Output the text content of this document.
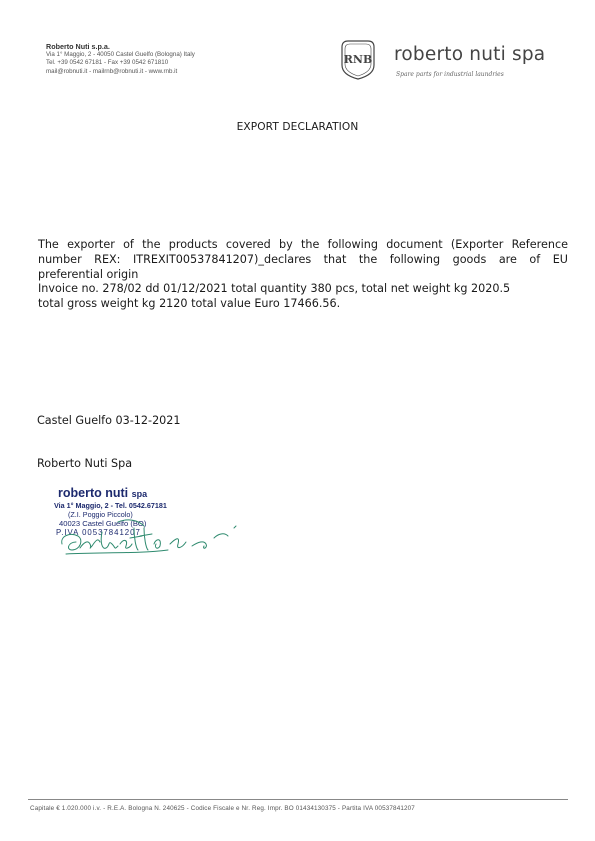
Roberto Nuti s.p.a.
Via 1° Maggio, 2 - 40050 Castel Guelfo (Bologna) Italy
Tel. +39 0542 67181 - Fax +39 0542 671810
mail@robnuti.it - mailrnb@robnuti.it - www.rnb.it
RNB roberto nuti spa
Spare parts for industrial laundries
EXPORT DECLARATION
The exporter of the products covered by the following document (Exporter Reference
number REX: ITREXIT00537841207)_declares that the following goods are of EU
preferential origin
Invoice no. 278/02 dd 01/12/2021 total quantity 380 pcs, total net weight kg 2020.5
total gross weight kg 2120 total value Euro 17466.56.
Castel Guelfo 03-12-2021
Roberto Nuti Spa
roberto nuti spa
Via 1° Maggio, 2 - Tel. 0542.67181
(Z.I. Poggio Piccolo)
40023 Castel Guelfo (BO)
P.IVA 00537841207
Capitale € 1.020.000 i.v. - R.E.A. Bologna N. 240625 - Codice Fiscale e Nr. Reg. Impr. BO 01434130375 - Partita IVA 00537841207
